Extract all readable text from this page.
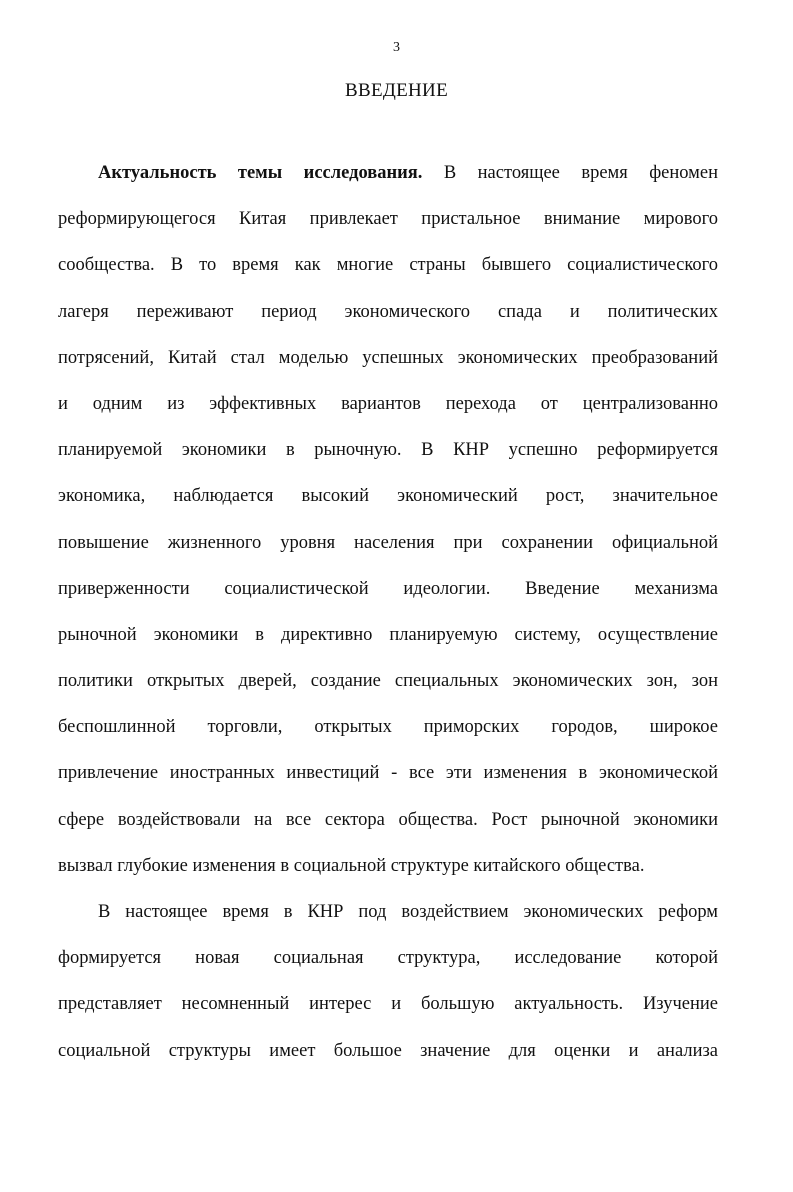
3
ВВЕДЕНИЕ
Актуальность темы исследования. В настоящее время феномен
реформирующегося Китая привлекает пристальное внимание мирового
сообщества. В то время как многие страны бывшего социалистического
лагеря переживают период экономического спада и политических
потрясений, Китай стал моделью успешных экономических преобразований
и одним из эффективных вариантов перехода от централизованно
планируемой экономики в рыночную. В КНР успешно реформируется
экономика, наблюдается высокий экономический рост, значительное
повышение жизненного уровня населения при сохранении официальной
приверженности социалистической идеологии. Введение механизма
рыночной экономики в директивно планируемую систему, осуществление
политики открытых дверей, создание специальных экономических зон, зон
беспошлинной торговли, открытых приморских городов, широкое
привлечение иностранных инвестиций - все эти изменения в экономической
сфере воздействовали на все сектора общества. Рост рыночной экономики
вызвал глубокие изменения в социальной структуре китайского общества.
В настоящее время в КНР под воздействием экономических реформ
формируется новая социальная структура, исследование которой
представляет несомненный интерес и большую актуальность. Изучение
социальной структуры имеет большое значение для оценки и анализа
